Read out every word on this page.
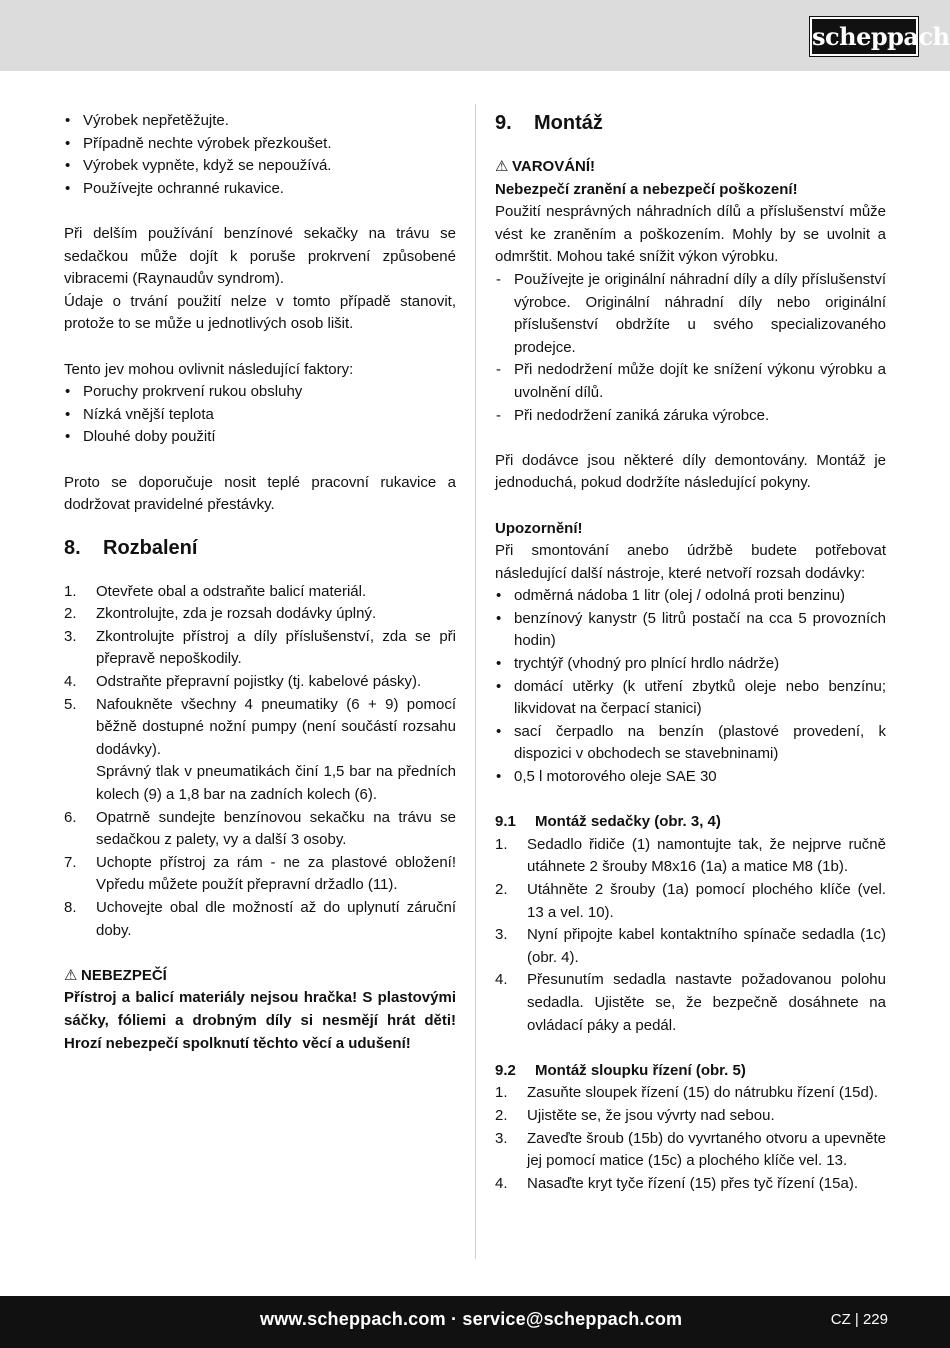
scheppach
• Výrobek nepřetěžujte.
• Případně nechte výrobek přezkoušet.
• Výrobek vypněte, když se nepoužívá.
• Používejte ochranné rukavice.

Při delším používání benzínové sekačky na trávu se sedačkou může dojít k poruše prokrvení způsobené vibracemi (Raynaudův syndrom).

Údaje o trvání použití nelze v tomto případě stanovit, protože to se může u jednotlivých osob lišit.

Tento jev mohou ovlivnit následující faktory:

• Poruchy prokrvení rukou obsluhy
• Nízká vnější teplota
• Dlouhé doby použití

Proto se doporučuje nosit teplé pracovní rukavice a dodržovat pravidelné přestávky.

8.	Rozbalení
1. Otevřete obal a odstraňte balicí materiál.
2. Zkontrolujte, zda je rozsah dodávky úplný.
3. Zkontrolujte přístroj a díly příslušenství, zda se při přepravě nepoškodily.
4. Odstraňte přepravní pojistky (tj. kabelové pásky).
5. Nafoukněte všechny 4 pneumatiky (6 + 9) pomocí běžně dostupné nožní pumpy (není součástí rozsahu dodávky).
Správný tlak v pneumatikách činí 1,5 bar na předních kolech (9) a 1,8 bar na zadních kolech (6).
6. Opatrně sundejte benzínovou sekačku na trávu se sedačkou z palety, vy a další 3 osoby.
7. Uchopte přístroj za rám - ne za plastové obložení! Vpředu můžete použít přepravní držadlo (11).
8. Uchovejte obal dle možností až do uplynutí záruční doby.

⚠ NEBEZPEČÍ

Přístroj a balicí materiály nejsou hračka! S plastovými sáčky, fóliemi a drobným díly si nesmějí hrát děti! Hrozí nebezpečí spolknutí těchto věcí a udušení!

9.	Montáž

⚠ VAROVÁNÍ!

Nebezpečí zranění a nebezpečí poškození!

Použití nesprávných náhradních dílů a příslušenství může vést ke zraněním a poškozením. Mohly by se uvolnit a odmrštit. Mohou také snížit výkon výrobku.

- Používejte je originální náhradní díly a díly příslušenství výrobce. Originální náhradní díly nebo originální příslušenství obdržíte u svého specializovaného prodejce.
- Při nedodržení může dojít ke snížení výkonu výrobku a uvolnění dílů.
- Při nedodržení zaniká záruka výrobce.

Při dodávce jsou některé díly demontovány. Montáž je jednoduchá, pokud dodržíte následující pokyny.

Upozornění!

Při smontování anebo údržbě budete potřebovat následující další nástroje, které netvoří rozsah dodávky:

• odměrná nádoba 1 litr (olej / odolná proti benzinu)
• benzínový kanystr (5 litrů postačí na cca 5 provozních hodin)
• trychtýř (vhodný pro plnící hrdlo nádrže)
• domácí utěrky (k utření zbytků oleje nebo benzínu; likvidovat na čerpací stanici)
• sací čerpadlo na benzín (plastové provedení, k dispozici v obchodech se stavebninami)
• 0,5 l motorového oleje SAE 30
9.1	Montáž sedačky (obr. 3, 4)
1. Sedadlo řidiče (1) namontujte tak, že nejprve ručně utáhnete 2 šrouby M8x16 (1a) a matice M8 (1b).
2. Utáhněte 2 šrouby (1a) pomocí plochého klíče (vel. 13 a vel. 10).
3. Nyní připojte kabel kontaktního spínače sedadla (1c) (obr. 4).
4. Přesunutím sedadla nastavte požadovanou polohu sedadla. Ujistěte se, že bezpečně dosáhnete na ovládací páky a pedál.
9.2	Montáž sloupku řízení (obr. 5)
1. Zasuňte sloupek řízení (15) do nátrubku řízení (15d).
2. Ujistěte se, že jsou vývrty nad sebou.
3. Zaveďte šroub (15b) do vyvrtaného otvoru a upevněte jej pomocí matice (15c) a plochého klíče vel. 13.
4. Nasaďte kryt tyče řízení (15) přes tyč řízení (15a).
www.scheppach.com · service@scheppach.com	CZ | 229
